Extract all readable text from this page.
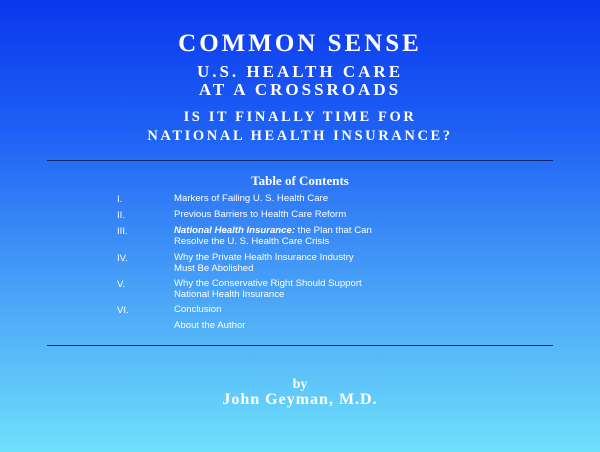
COMMON SENSE
U.S. HEALTH CARE
AT A CROSSROADS
IS IT FINALLY TIME FOR
NATIONAL HEALTH INSURANCE?
Table of Contents
I.	Markers of Failing U. S. Health Care
II.	Previous Barriers to Health Care Reform
III.	National Health Insurance: the Plan that Can
Resolve the U. S. Health Care Crisis
IV.	Why the Private Health Insurance Industry
Must Be Abolished
V.	Why the Conservative Right Should Support
National Health Insurance
VI.	Conclusion
About the Author
by
John Geyman, M.D.
